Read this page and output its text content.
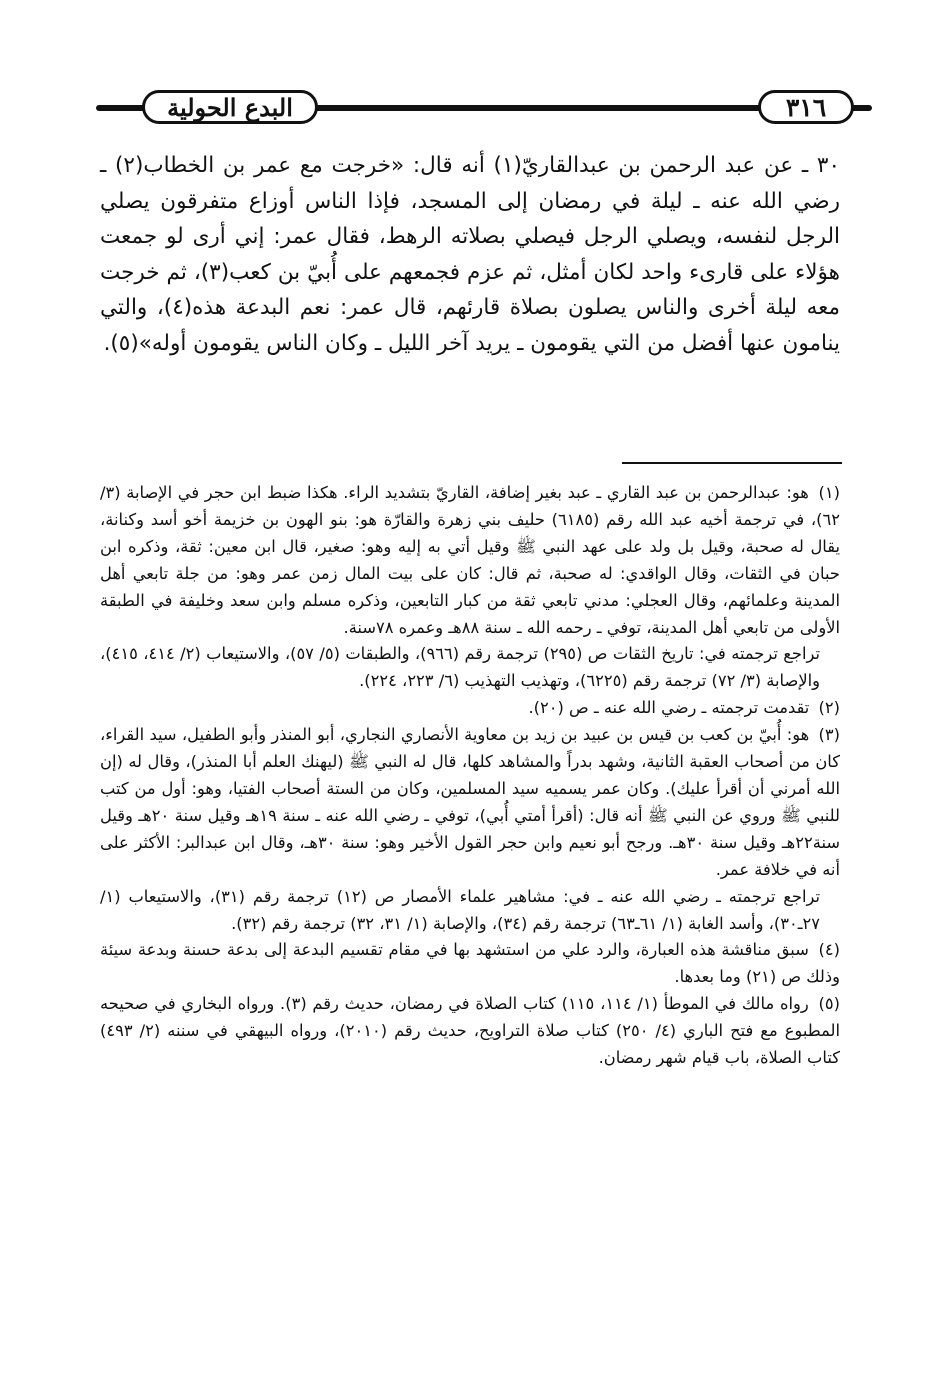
البدع الحولية	٣١٦

٣٠ ـ عن عبد الرحمن بن عبدالقاريّ(١) أنه قال: «خرجت مع عمر بن الخطاب(٢) ـ رضي الله عنه ـ ليلة في رمضان إلى المسجد، فإذا الناس أوزاع متفرقون يصلي الرجل لنفسه، ويصلي الرجل فيصلي بصلاته الرهط، فقال عمر: إني أرى لو جمعت هؤلاء على قارىء واحد لكان أمثل، ثم عزم فجمعهم على أُبيّ بن كعب(٣)، ثم خرجت معه ليلة أخرى والناس يصلون بصلاة قارئهم، قال عمر: نعم البدعة هذه(٤)، والتي ينامون عنها أفضل من التي يقومون ـ يريد آخر الليل ـ وكان الناس يقومون أوله»(٥).

(١) هو: عبدالرحمن بن عبد القاري ـ عبد بغير إضافة، القاريّ بتشديد الراء. هكذا ضبط ابن حجر في الإصابة (٣/ ٦٢)، في ترجمة أخيه عبد الله رقم (٦١٨٥) حليف بني زهرة والقارّة هو: بنو الهون بن خزيمة أخو أسد وكنانة، يقال له صحبة، وقيل بل ولد على عهد النبي ﷺ وقيل أتي به إليه وهو: صغير، قال ابن معين: ثقة، وذكره ابن حبان في الثقات، وقال الواقدي: له صحبة، ثم قال: كان على بيت المال زمن عمر وهو: من جلة تابعي أهل المدينة وعلمائهم، وقال العجلي: مدني تابعي ثقة من كبار التابعين، وذكره مسلم وابن سعد وخليفة في الطبقة الأولى من تابعي أهل المدينة، توفي ـ رحمه الله ـ سنة ٨٨هـ وعمره ٧٨سنة.

تراجع ترجمته في: تاريخ الثقات ص (٢٩٥) ترجمة رقم (٩٦٦)، والطبقات (٥/ ٥٧)، والاستيعاب (٢/ ٤١٤، ٤١٥)، والإصابة (٣/ ٧٢) ترجمة رقم (٦٢٢٥)، وتهذيب التهذيب (٦/ ٢٢٣، ٢٢٤).

(٢) تقدمت ترجمته ـ رضي الله عنه ـ ص (٢٠).

(٣) هو: أُبيّ بن كعب بن قيس بن عبيد بن زيد بن معاوية الأنصاري النجاري، أبو المنذر وأبو الطفيل، سيد القراء، كان من أصحاب العقبة الثانية، وشهد بدراً والمشاهد كلها، قال له النبي ﷺ (ليهنك العلم أبا المنذر)، وقال له (إن الله أمرني أن أقرأ عليك). وكان عمر يسميه سيد المسلمين، وكان من الستة أصحاب الفتيا، وهو: أول من كتب للنبي ﷺ وروي عن النبي ﷺ أنه قال: (أقرأ أمتي أُبي)، توفي ـ رضي الله عنه ـ سنة ١٩هـ وقيل سنة ٢٠هـ وقيل سنة٢٢هـ وقيل سنة ٣٠هـ. ورجح أبو نعيم وابن حجر القول الأخير وهو: سنة ٣٠هـ، وقال ابن عبدالبر: الأكثر على أنه في خلافة عمر.

تراجع ترجمته ـ رضي الله عنه ـ في: مشاهير علماء الأمصار ص (١٢) ترجمة رقم (٣١)، والاستيعاب (١/ ٢٧ـ٣٠)، وأسد الغابة (١/ ٦١ـ٦٣) ترجمة رقم (٣٤)، والإصابة (١/ ٣١، ٣٢) ترجمة رقم (٣٢).

(٤) سبق مناقشة هذه العبارة، والرد علي من استشهد بها في مقام تقسيم البدعة إلى بدعة حسنة وبدعة سيئة وذلك ص (٢١) وما بعدها.

(٥) رواه مالك في الموطأ (١/ ١١٤، ١١٥) كتاب الصلاة في رمضان، حديث رقم (٣). ورواه البخاري في صحيحه المطبوع مع فتح الباري (٤/ ٢٥٠) كتاب صلاة التراويح، حديث رقم (٢٠١٠)، ورواه البيهقي في سننه (٢/ ٤٩٣) كتاب الصلاة، باب قيام شهر رمضان.
